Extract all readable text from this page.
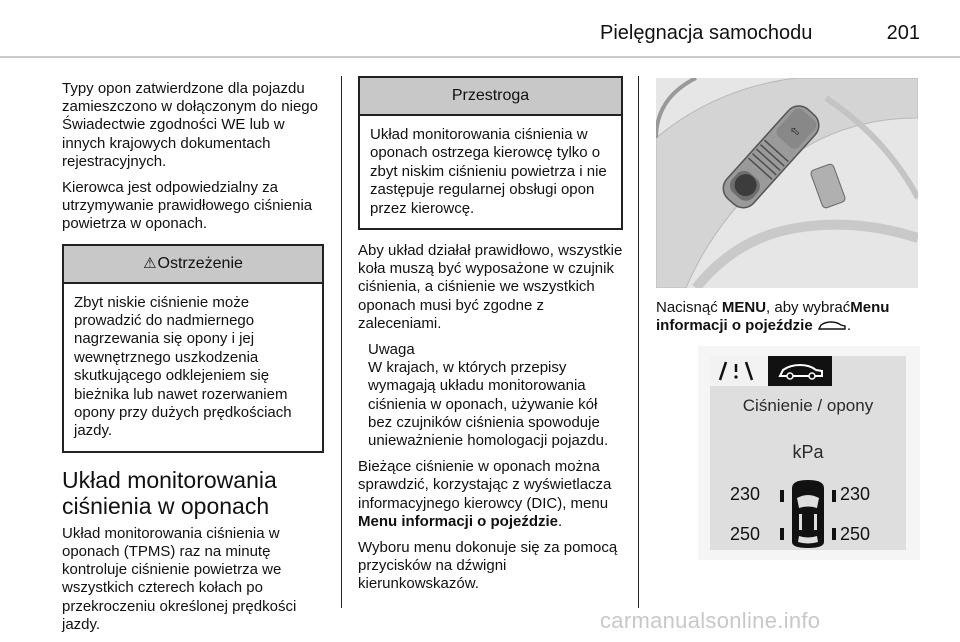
Pielęgnacja samochodu	201

Typy opon zatwierdzone dla pojazdu zamieszczono w dołączonym do niego Świadectwie zgodności WE lub w innych krajowych dokumentach rejestracyjnych.

Kierowca jest odpowiedzialny za utrzymywanie prawidłowego ciśnienia powietrza w oponach.

⚠Ostrzeżenie
Zbyt niskie ciśnienie może prowadzić do nadmiernego nagrzewania się opony i jej wewnętrznego uszkodzenia skutkującego odklejeniem się bieżnika lub nawet rozerwaniem opony przy dużych prędkościach jazdy.
Układ monitorowania ciśnienia w oponach

Układ monitorowania ciśnienia w oponach (TPMS) raz na minutę kontroluje ciśnienie powietrza we wszystkich czterech kołach po przekroczeniu określonej prędkości jazdy.

Przestroga
Układ monitorowania ciśnienia w oponach ostrzega kierowcę tylko o zbyt niskim ciśnieniu powietrza i nie zastępuje regularnej obsługi opon przez kierowcę.

Aby układ działał prawidłowo, wszystkie koła muszą być wyposażone w czujnik ciśnienia, a ciśnienie we wszystkich oponach musi być zgodne z zaleceniami.

Uwaga

W krajach, w których przepisy wymagają układu monitorowania ciśnienia w oponach, używanie kół bez czujników ciśnienia spowoduje unieważnienie homologacji pojazdu.

Bieżące ciśnienie w oponach można sprawdzić, korzystając z wyświetlacza informacyjnego kierowcy (DIC), menu Menu informacji o pojeździe.

Wyboru menu dokonuje się za pomocą przycisków na dźwigni kierunkowskazów.

⇧
Nacisnąć MENU, aby wybraćMenu informacji o pojeździe .
Ciśnienie / opony
kPa
230	230
250	250
carmanualsonline.info
